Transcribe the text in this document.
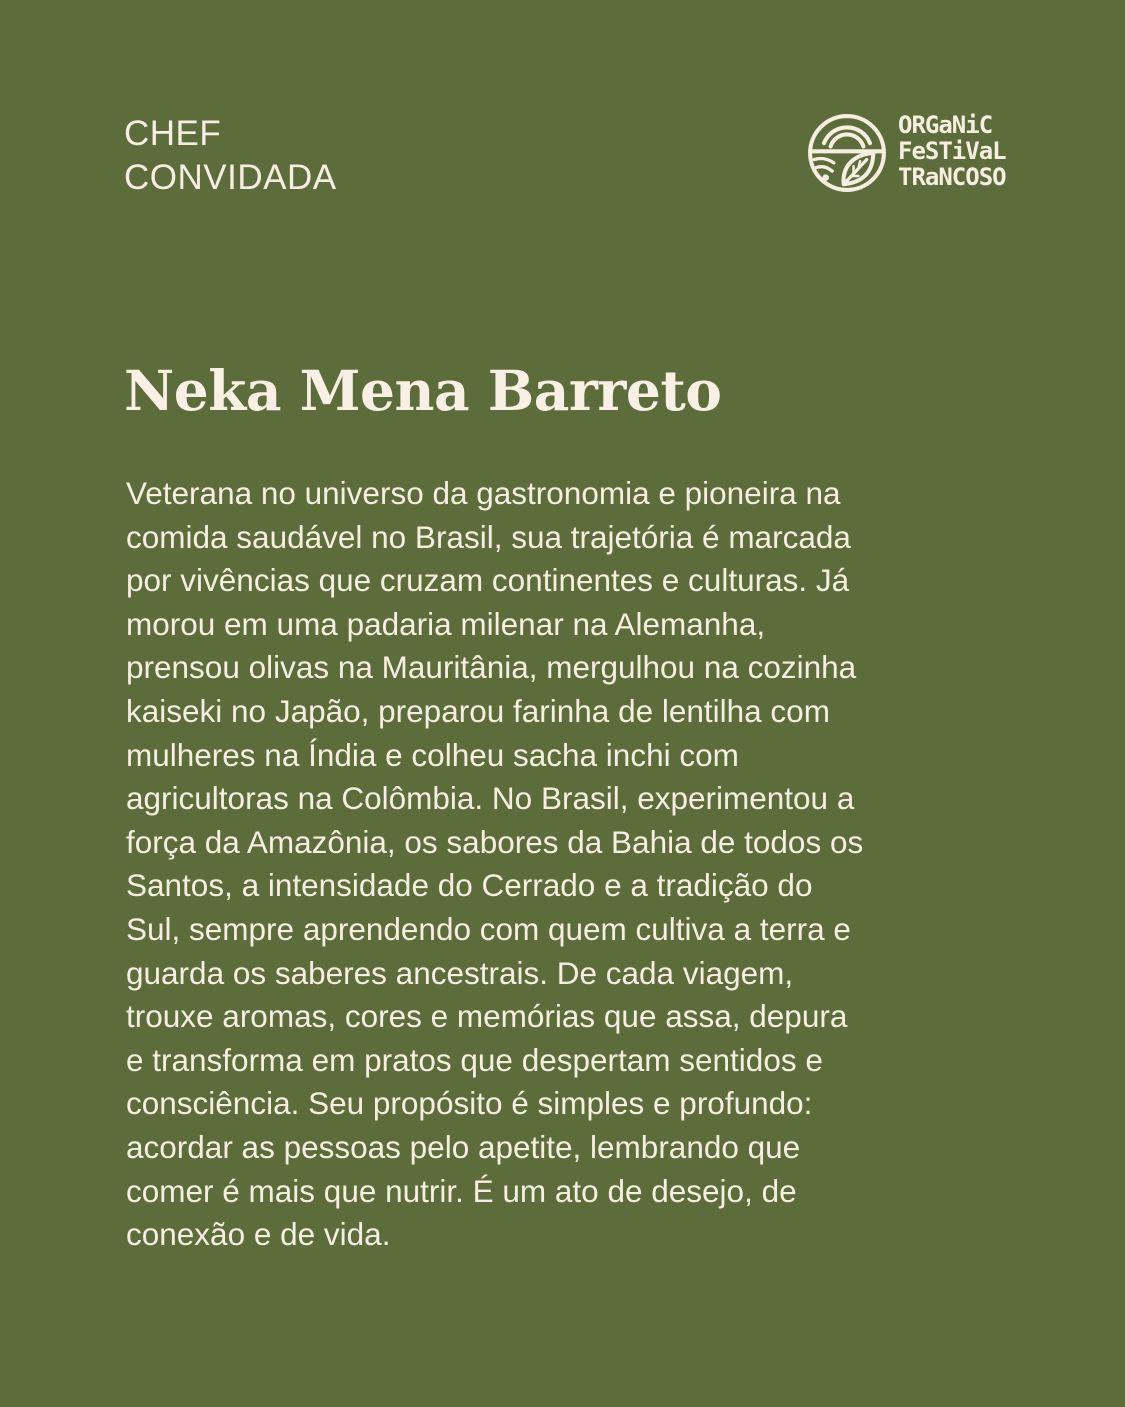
CHEF
CONVIDADA
ORGaNiC
FeSTiVaL
TRaNCOSO
Neka Mena Barreto
Veterana no universo da gastronomia e pioneira na
comida saudável no Brasil, sua trajetória é marcada
por vivências que cruzam continentes e culturas. Já
morou em uma padaria milenar na Alemanha,
prensou olivas na Mauritânia, mergulhou na cozinha
kaiseki no Japão, preparou farinha de lentilha com
mulheres na Índia e colheu sacha inchi com
agricultoras na Colômbia. No Brasil, experimentou a
força da Amazônia, os sabores da Bahia de todos os
Santos, a intensidade do Cerrado e a tradição do
Sul, sempre aprendendo com quem cultiva a terra e
guarda os saberes ancestrais. De cada viagem,
trouxe aromas, cores e memórias que assa, depura
e transforma em pratos que despertam sentidos e
consciência. Seu propósito é simples e profundo:
acordar as pessoas pelo apetite, lembrando que
comer é mais que nutrir. É um ato de desejo, de
conexão e de vida.
